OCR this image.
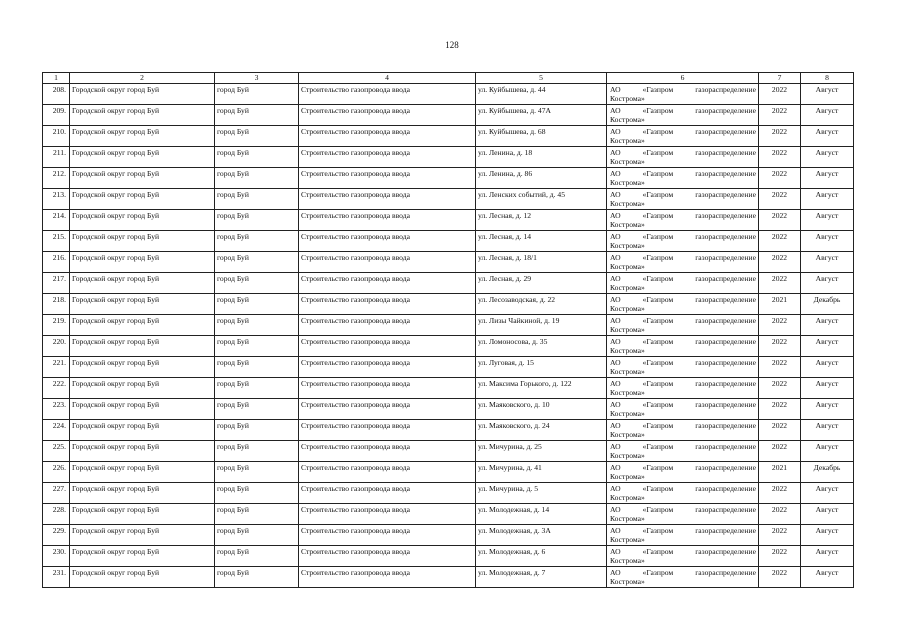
128
1	2	3	4	5	6	7	8
208.	Городской округ город Буй	город Буй	Строительство газопровода ввода	ул. Куйбышева, д. 44	АО «Газпром газораспределение
Кострома»	2022	Август
209.	Городской округ город Буй	город Буй	Строительство газопровода ввода	ул. Куйбышева, д. 47А	АО «Газпром газораспределение
Кострома»	2022	Август
210.	Городской округ город Буй	город Буй	Строительство газопровода ввода	ул. Куйбышева, д. 68	АО «Газпром газораспределение
Кострома»	2022	Август
211.	Городской округ город Буй	город Буй	Строительство газопровода ввода	ул. Ленина, д. 18	АО «Газпром газораспределение
Кострома»	2022	Август
212.	Городской округ город Буй	город Буй	Строительство газопровода ввода	ул. Ленина, д. 86	АО «Газпром газораспределение
Кострома»	2022	Август
213.	Городской округ город Буй	город Буй	Строительство газопровода ввода	ул. Ленских событий, д. 45	АО «Газпром газораспределение
Кострома»	2022	Август
214.	Городской округ город Буй	город Буй	Строительство газопровода ввода	ул. Лесная, д. 12	АО «Газпром газораспределение
Кострома»	2022	Август
215.	Городской округ город Буй	город Буй	Строительство газопровода ввода	ул. Лесная, д. 14	АО «Газпром газораспределение
Кострома»	2022	Август
216.	Городской округ город Буй	город Буй	Строительство газопровода ввода	ул. Лесная, д. 18/1	АО «Газпром газораспределение
Кострома»	2022	Август
217.	Городской округ город Буй	город Буй	Строительство газопровода ввода	ул. Лесная, д. 29	АО «Газпром газораспределение
Кострома»	2022	Август
218.	Городской округ город Буй	город Буй	Строительство газопровода ввода	ул. Лесозаводская, д. 22	АО «Газпром газораспределение
Кострома»	2021	Декабрь
219.	Городской округ город Буй	город Буй	Строительство газопровода ввода	ул. Лизы Чайкиной, д. 19	АО «Газпром газораспределение
Кострома»	2022	Август
220.	Городской округ город Буй	город Буй	Строительство газопровода ввода	ул. Ломоносова, д. 35	АО «Газпром газораспределение
Кострома»	2022	Август
221.	Городской округ город Буй	город Буй	Строительство газопровода ввода	ул. Луговая, д. 15	АО «Газпром газораспределение
Кострома»	2022	Август
222.	Городской округ город Буй	город Буй	Строительство газопровода ввода	ул. Максима Горького, д. 122	АО «Газпром газораспределение
Кострома»	2022	Август
223.	Городской округ город Буй	город Буй	Строительство газопровода ввода	ул. Маяковского, д. 10	АО «Газпром газораспределение
Кострома»	2022	Август
224.	Городской округ город Буй	город Буй	Строительство газопровода ввода	ул. Маяковского, д. 24	АО «Газпром газораспределение
Кострома»	2022	Август
225.	Городской округ город Буй	город Буй	Строительство газопровода ввода	ул. Мичурина, д. 25	АО «Газпром газораспределение
Кострома»	2022	Август
226.	Городской округ город Буй	город Буй	Строительство газопровода ввода	ул. Мичурина, д. 41	АО «Газпром газораспределение
Кострома»	2021	Декабрь
227.	Городской округ город Буй	город Буй	Строительство газопровода ввода	ул. Мичурина, д. 5	АО «Газпром газораспределение
Кострома»	2022	Август
228.	Городской округ город Буй	город Буй	Строительство газопровода ввода	ул. Молодежная, д. 14	АО «Газпром газораспределение
Кострома»	2022	Август
229.	Городской округ город Буй	город Буй	Строительство газопровода ввода	ул. Молодежная, д. 3А	АО «Газпром газораспределение
Кострома»	2022	Август
230.	Городской округ город Буй	город Буй	Строительство газопровода ввода	ул. Молодежная, д. 6	АО «Газпром газораспределение
Кострома»	2022	Август
231.	Городской округ город Буй	город Буй	Строительство газопровода ввода	ул. Молодежная, д. 7	АО «Газпром газораспределение
Кострома»	2022	Август
